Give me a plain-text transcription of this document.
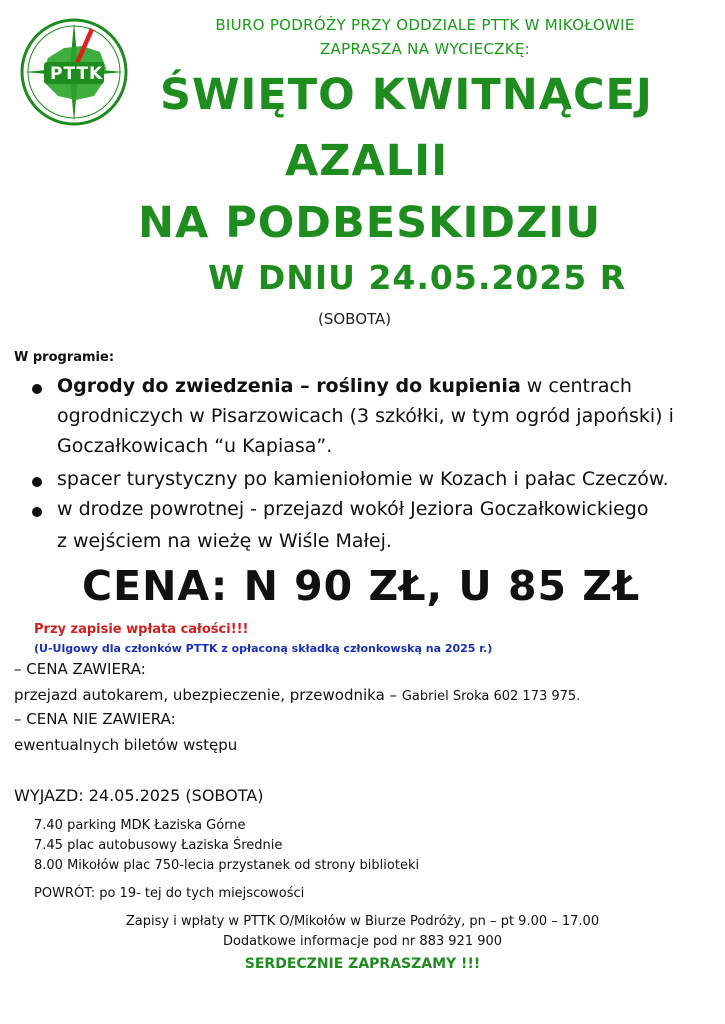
PTTK
BIURO PODRÓŻY PRZY ODDZIALE PTTK W MIKOŁOWIE
ZAPRASZA NA WYCIECZKĘ:
ŚWIĘTO KWITNĄCEJ
AZALII
NA PODBESKIDZIU
W DNIU 24.05.2025 R
(SOBOTA)
W programie:
Ogrody do zwiedzenia – rośliny do kupienia w centrach
ogrodniczych w Pisarzowicach (3 szkółki, w tym ogród japoński) i
Goczałkowicach “u Kapiasa”.
spacer turystyczny po kamieniołomie w Kozach i pałac Czeczów.
w drodze powrotnej - przejazd wokół Jeziora Goczałkowickiego
z wejściem na wieżę w Wiśle Małej.
CENA: N 90 ZŁ, U 85 ZŁ
Przy zapisie wpłata całości!!!
(U-Ulgowy dla członków PTTK z opłaconą składką członkowską na 2025 r.)
– CENA ZAWIERA:
przejazd autokarem, ubezpieczenie, przewodnika – Gabriel Sroka 602 173 975.
– CENA NIE ZAWIERA:
ewentualnych biletów wstępu
WYJAZD: 24.05.2025 (SOBOTA)
7.40 parking MDK Łaziska Górne
7.45 plac autobusowy Łaziska Średnie
8.00 Mikołów plac 750-lecia przystanek od strony biblioteki
POWRÓT: po 19- tej do tych miejscowości
Zapisy i wpłaty w PTTK O/Mikołów w Biurze Podróży, pn – pt 9.00 – 17.00
Dodatkowe informacje pod nr 883 921 900
SERDECZNIE ZAPRASZAMY !!!
